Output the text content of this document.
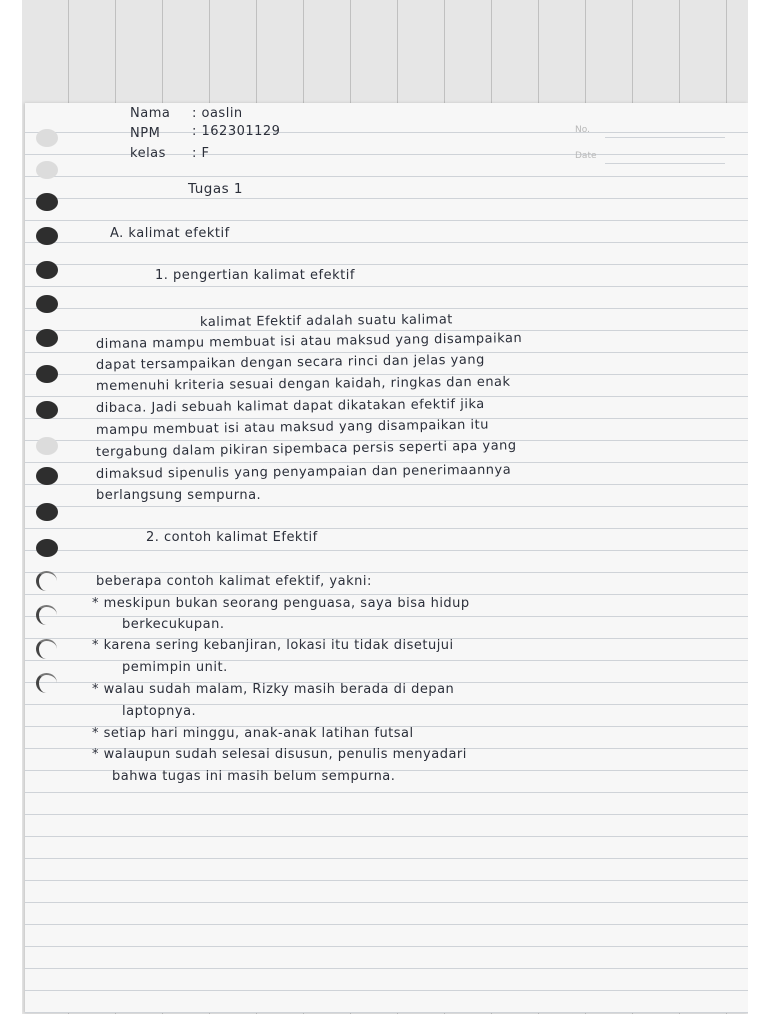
No.
Date
Nama : oaslin
NPM : 162301129
kelas : F
Tugas 1
A. kalimat efektif
1. pengertian kalimat efektif
kalimat Efektif adalah suatu kalimat
dimana mampu membuat isi atau maksud yang disampaikan
dapat tersampaikan dengan secara rinci dan jelas yang
memenuhi kriteria sesuai dengan kaidah, ringkas dan enak
dibaca. Jadi sebuah kalimat dapat dikatakan efektif jika
mampu membuat isi atau maksud yang disampaikan itu
tergabung dalam pikiran sipembaca persis seperti apa yang
dimaksud sipenulis yang penyampaian dan penerimaannya
berlangsung sempurna.
2. contoh kalimat Efektif
beberapa contoh kalimat efektif, yakni:
* meskipun bukan seorang penguasa, saya bisa hidup
berkecukupan.
* karena sering kebanjiran, lokasi itu tidak disetujui
pemimpin unit.
* walau sudah malam, Rizky masih berada di depan
laptopnya.
* setiap hari minggu, anak-anak latihan futsal
* walaupun sudah selesai disusun, penulis menyadari
bahwa tugas ini masih belum sempurna.
